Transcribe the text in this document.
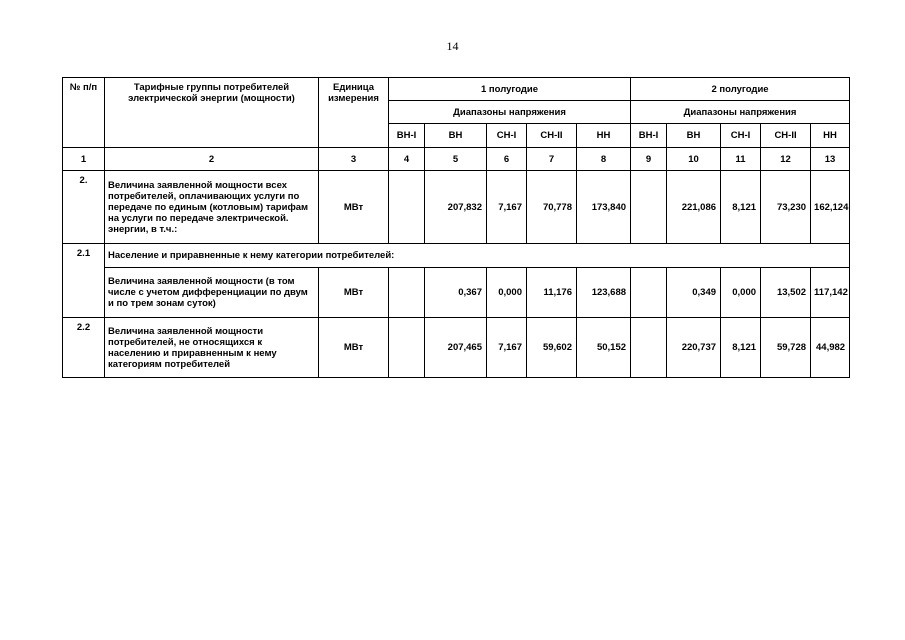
14
№ п/п	Тарифные группы потребителей электрической энергии (мощности)	Единица измерения	1 полугодие					2 полугодие				
			Диапазоны напряжения					Диапазоны напряжения				
			ВН-I	ВН	СН-I	СН-II	НН	ВН-I	ВН	СН-I	СН-II	НН
1	2	3	4	5	6	7	8	9	10	11	12	13
2.	Величина заявленной мощности всех потребителей, оплачивающих услуги по передаче по единым (котловым) тарифам на услуги по передаче электрической. энергии, в т.ч.:	МВт		207,832	7,167	70,778	173,840		221,086	8,121	73,230	162,124
2.1	Население и приравненные к нему категории потребителей:											
	Величина заявленной мощности (в том числе с учетом дифференциации по двум и по трем зонам суток)	МВт		0,367	0,000	11,176	123,688		0,349	0,000	13,502	117,142
2.2	Величина заявленной мощности потребителей, не относящихся к населению и приравненным к нему категориям потребителей	МВт		207,465	7,167	59,602	50,152		220,737	8,121	59,728	44,982
